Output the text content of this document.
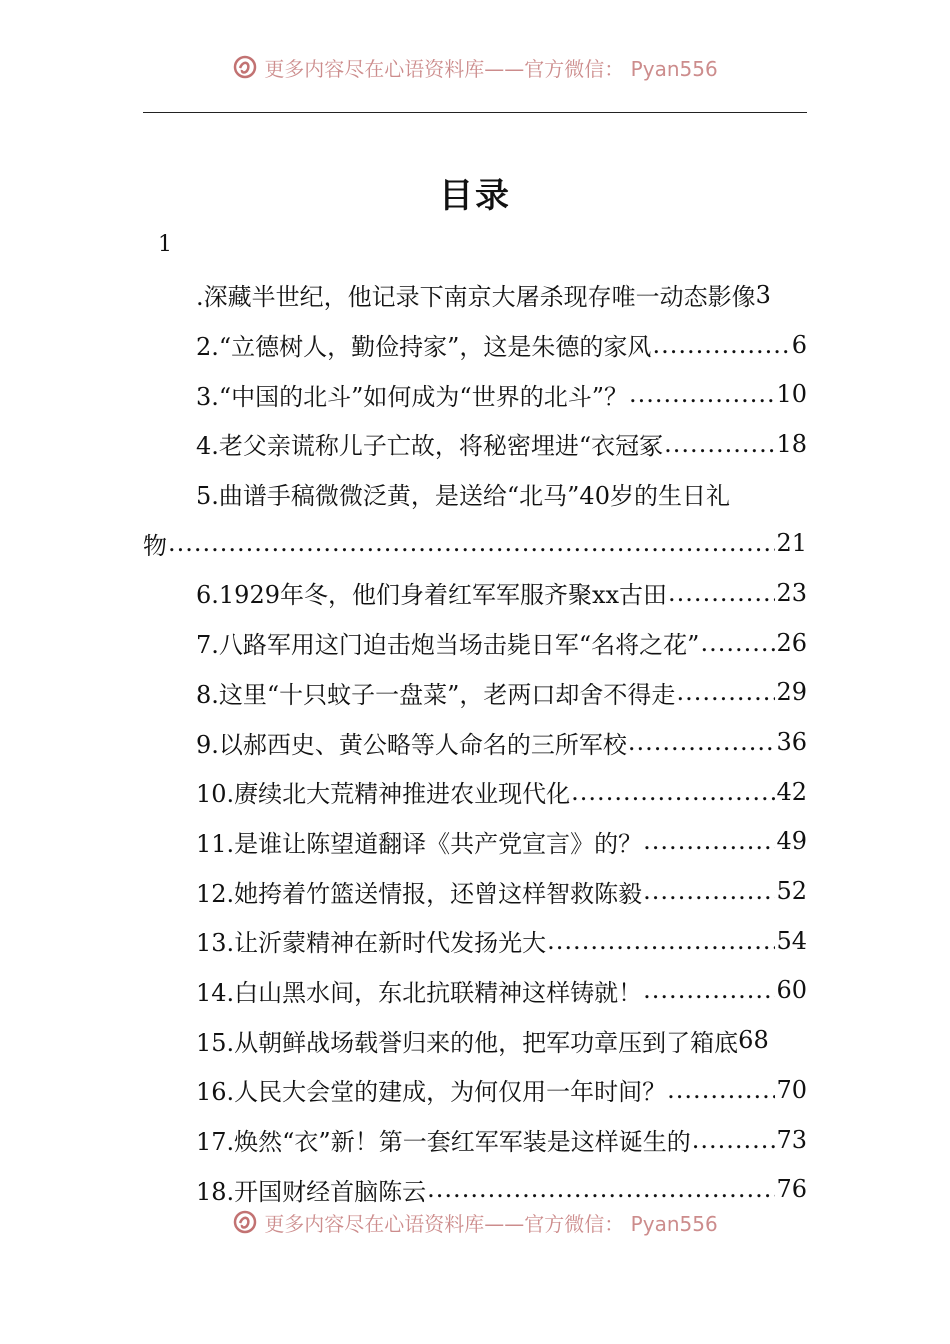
更多内容尽在心语资料库——官方微信： Pyan556
目录
1
.深藏半世纪，他记录下南京大屠杀现存唯一动态影像 3
2.“立德树人，勤俭持家”，这是朱德的家风 .....	6
3.“中国的北斗”如何成为“世界的北斗”？ .....	10
4.老父亲谎称儿子亡故，将秘密埋进“衣冠冢 .....	18
5.曲谱手稿微微泛黄，是送给“北马”40岁的生日礼
物 .....	21
6.1929年冬，他们身着红军军服齐聚xx古田 .....	23
7.八路军用这门迫击炮当场击毙日军“名将之花” .....	26
8.这里“十只蚊子一盘菜”，老两口却舍不得走 .....	29
9.以郝西史、黄公略等人命名的三所军校 .....	36
10.赓续北大荒精神推进农业现代化 .....	42
11.是谁让陈望道翻译《共产党宣言》的？ .....	49
12.她挎着竹篮送情报，还曾这样智救陈毅 .....	52
13.让沂蒙精神在新时代发扬光大 .....	54
14.白山黑水间，东北抗联精神这样铸就！ .....	60
15.从朝鲜战场载誉归来的他，把军功章压到了箱底 68
16.人民大会堂的建成，为何仅用一年时间？ .....	70
17.焕然“衣”新！第一套红军军装是这样诞生的 .....	73
18.开国财经首脑陈云 .....	76
更多内容尽在心语资料库——官方微信： Pyan556
